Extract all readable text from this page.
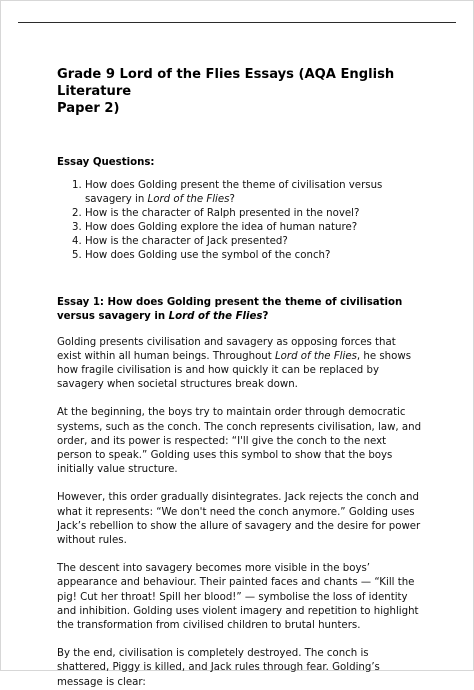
Grade 9 Lord of the Flies Essays (AQA English Literature
Paper 2)
Essay Questions:
1. How does Golding present the theme of civilisation versus savagery in Lord of the Flies?
2. How is the character of Ralph presented in the novel?
3. How does Golding explore the idea of human nature?
4. How is the character of Jack presented?
5. How does Golding use the symbol of the conch?
Essay 1: How does Golding present the theme of civilisation versus savagery in Lord of the Flies?

Golding presents civilisation and savagery as opposing forces that exist within all human beings. Throughout Lord of the Flies, he shows how fragile civilisation is and how quickly it can be replaced by savagery when societal structures break down.

At the beginning, the boys try to maintain order through democratic systems, such as the conch. The conch represents civilisation, law, and order, and its power is respected: “I'll give the conch to the next person to speak.” Golding uses this symbol to show that the boys initially value structure.

However, this order gradually disintegrates. Jack rejects the conch and what it represents: “We don't need the conch anymore.” Golding uses Jack’s rebellion to show the allure of savagery and the desire for power without rules.

The descent into savagery becomes more visible in the boys’ appearance and behaviour. Their painted faces and chants — “Kill the pig! Cut her throat! Spill her blood!” — symbolise the loss of identity and inhibition. Golding uses violent imagery and repetition to highlight the transformation from civilised children to brutal hunters.

By the end, civilisation is completely destroyed. The conch is shattered, Piggy is killed, and Jack rules through fear. Golding’s message is clear:
